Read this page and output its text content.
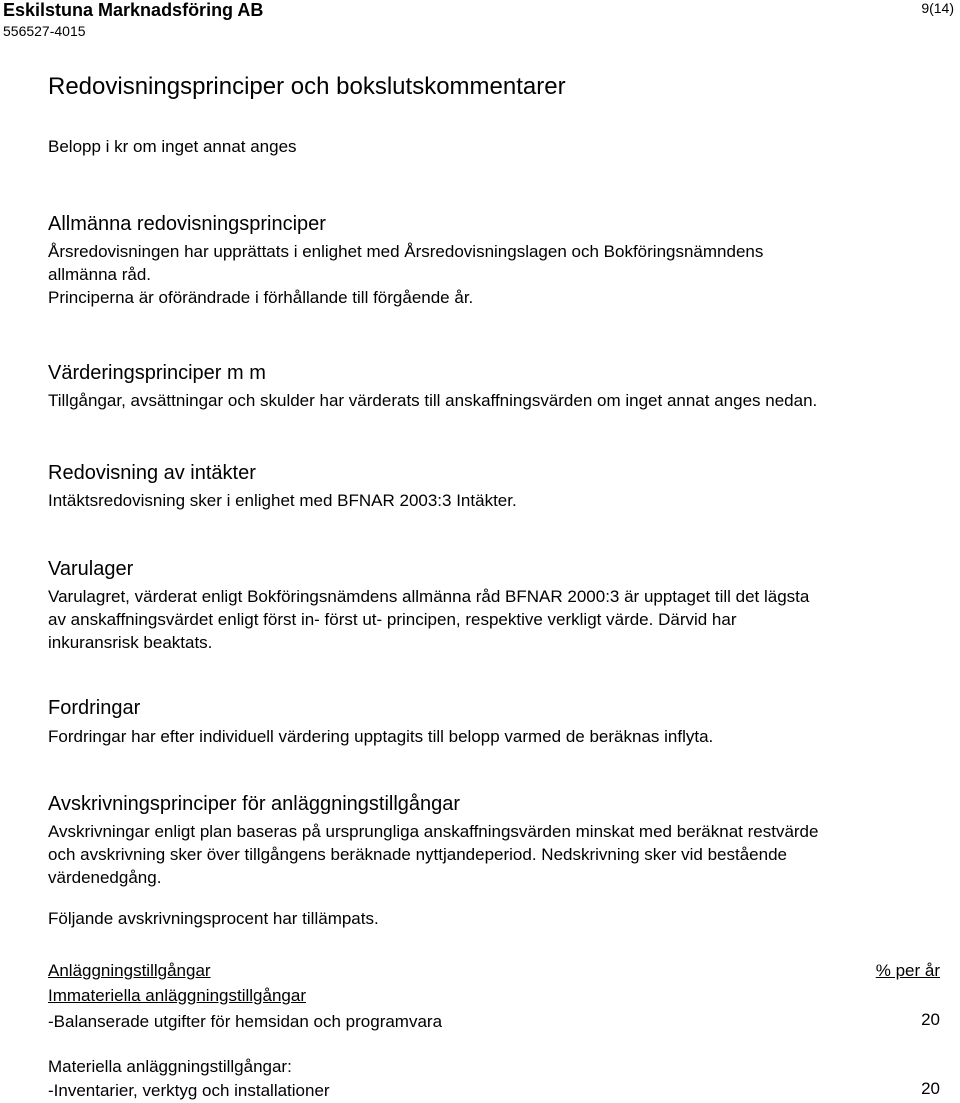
Eskilstuna Marknadsföring AB
556527-4015
9(14)
Redovisningsprinciper och bokslutskommentarer
Belopp i kr om inget annat anges
Allmänna redovisningsprinciper
Årsredovisningen har upprättats i enlighet med Årsredovisningslagen och Bokföringsnämndens
allmänna råd.
Principerna är oförändrade i förhållande till förgående år.
Värderingsprinciper m m
Tillgångar, avsättningar och skulder har värderats till anskaffningsvärden om inget annat anges nedan.
Redovisning av intäkter
Intäktsredovisning sker i enlighet med BFNAR 2003:3 Intäkter.
Varulager
Varulagret, värderat enligt Bokföringsnämdens allmänna råd BFNAR 2000:3 är upptaget till det lägsta
av anskaffningsvärdet enligt först in- först ut- principen, respektive verkligt värde. Därvid har
inkuransrisk beaktats.
Fordringar
Fordringar har efter individuell värdering upptagits till belopp varmed de beräknas inflyta.
Avskrivningsprinciper för anläggningstillgångar
Avskrivningar enligt plan baseras på ursprungliga anskaffningsvärden minskat med beräknat restvärde
och avskrivning sker över tillgångens beräknade nyttjandeperiod. Nedskrivning sker vid bestående
värdenedgång.
Följande avskrivningsprocent har tillämpats.
Anläggningstillgångar	% per år
Immateriella anläggningstillgångar
-Balanserade utgifter för hemsidan och programvara	20
Materiella anläggningstillgångar:
-Inventarier, verktyg och installationer	20
